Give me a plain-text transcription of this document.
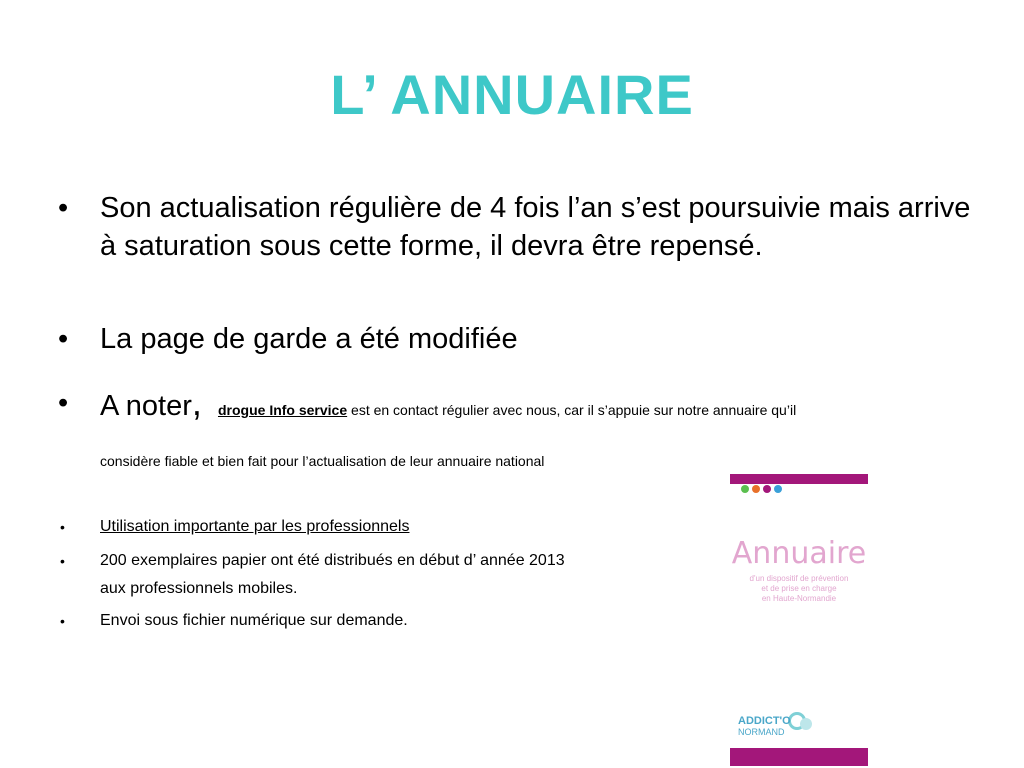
L’ ANNUAIRE
• Son actualisation régulière de 4 fois l’an s’est poursuivie mais arrive à saturation sous cette forme, il devra être repensé.
• La page de garde a été modifiée
• A noter, drogue Info service est en contact régulier avec nous, car il s’appuie sur notre annuaire qu’il
considère fiable et bien fait pour l’actualisation de leur annuaire national
• Utilisation importante par les professionnels
• 200 exemplaires papier ont été distribués en début d’ année 2013
aux professionnels mobiles.
• Envoi sous fichier numérique sur demande.
Annuaire
d'un dispositif de prévention
et de prise en charge
en Haute-Normandie
ADDICT'O
NORMAND
